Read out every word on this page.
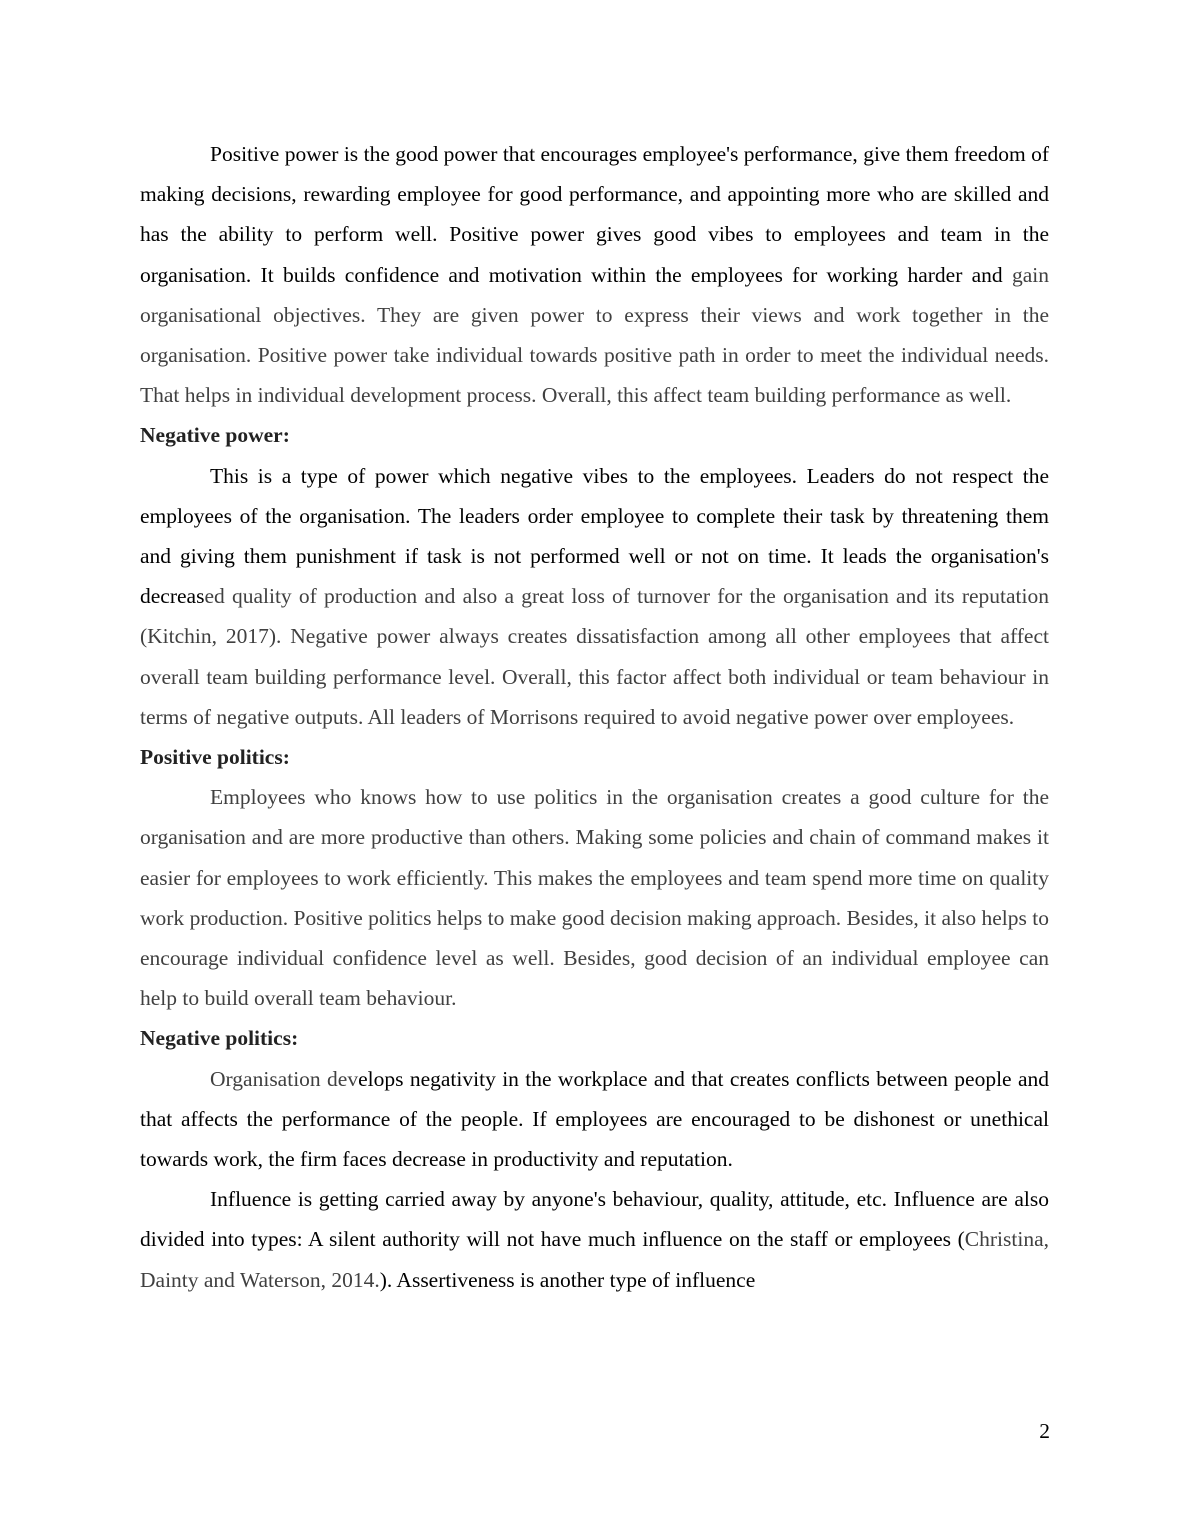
Positive power is the good power that encourages employee's performance, give them freedom of making decisions, rewarding employee for good performance, and appointing more who are skilled and has the ability to perform well. Positive power gives good vibes to employees and team in the organisation. It builds confidence and motivation within the employees for working harder and gain organisational objectives. They are given power to express their views and work together in the organisation. Positive power take individual towards positive path in order to meet the individual needs. That helps in individual development process. Overall, this affect team building performance as well.

Negative power:

This is a type of power which negative vibes to the employees. Leaders do not respect the employees of the organisation. The leaders order employee to complete their task by threatening them and giving them punishment if task is not performed well or not on time. It leads the organisation's decreased quality of production and also a great loss of turnover for the organisation and its reputation (Kitchin, 2017). Negative power always creates dissatisfaction among all other employees that affect overall team building performance level. Overall, this factor affect both individual or team behaviour in terms of negative outputs. All leaders of Morrisons required to avoid negative power over employees.

Positive politics:

Employees who knows how to use politics in the organisation creates a good culture for the organisation and are more productive than others. Making some policies and chain of command makes it easier for employees to work efficiently. This makes the employees and team spend more time on quality work production. Positive politics helps to make good decision making approach. Besides, it also helps to encourage individual confidence level as well. Besides, good decision of an individual employee can help to build overall team behaviour.

Negative politics:

Organisation develops negativity in the workplace and that creates conflicts between people and that affects the performance of the people. If employees are encouraged to be dishonest or unethical towards work, the firm faces decrease in productivity and reputation.

Influence is getting carried away by anyone's behaviour, quality, attitude, etc. Influence are also divided into types: A silent authority will not have much influence on the staff or employees (Christina, Dainty and Waterson, 2014.). Assertiveness is another type of influence

2
